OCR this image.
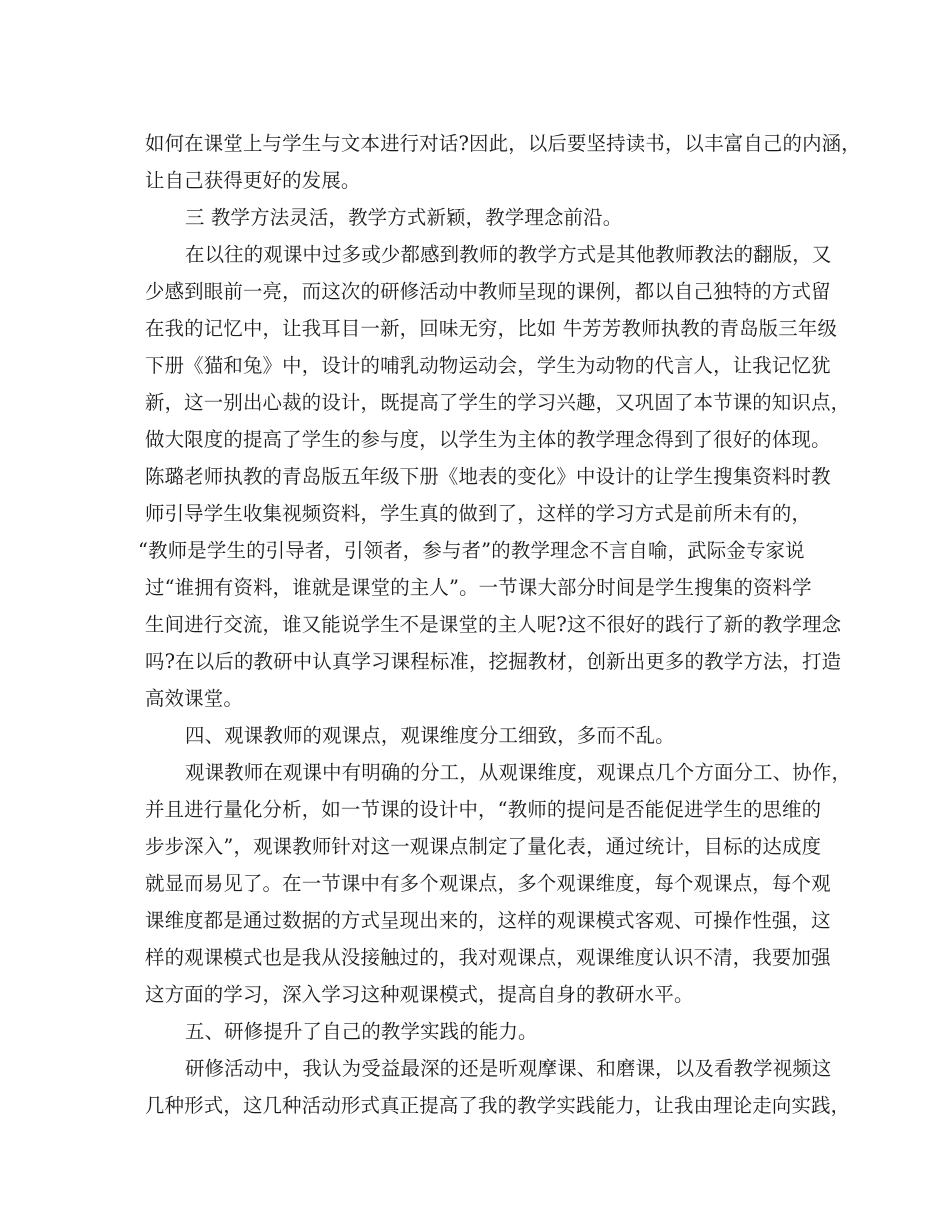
如何在课堂上与学生与文本进行对话?因此，以后要坚持读书，以丰富自己的内涵，
让自己获得更好的发展。
三 教学方法灵活，教学方式新颖，教学理念前沿。
在以往的观课中过多或少都感到教师的教学方式是其他教师教法的翻版，又
少感到眼前一亮，而这次的研修活动中教师呈现的课例，都以自己独特的方式留
在我的记忆中，让我耳目一新，回味无穷，比如 牛芳芳教师执教的青岛版三年级
下册《猫和兔》中，设计的哺乳动物运动会，学生为动物的代言人，让我记忆犹
新，这一别出心裁的设计，既提高了学生的学习兴趣，又巩固了本节课的知识点，
做大限度的提高了学生的参与度，以学生为主体的教学理念得到了很好的体现。
陈璐老师执教的青岛版五年级下册《地表的变化》中设计的让学生搜集资料时教
师引导学生收集视频资料，学生真的做到了，这样的学习方式是前所未有的，
“教师是学生的引导者，引领者，参与者”的教学理念不言自喻，武际金专家说
过“谁拥有资料，谁就是课堂的主人”。一节课大部分时间是学生搜集的资料学
生间进行交流，谁又能说学生不是课堂的主人呢?这不很好的践行了新的教学理念
吗?在以后的教研中认真学习课程标准，挖掘教材，创新出更多的教学方法，打造
高效课堂。
四、观课教师的观课点，观课维度分工细致，多而不乱。
观课教师在观课中有明确的分工，从观课维度，观课点几个方面分工、协作，
并且进行量化分析，如一节课的设计中，“教师的提问是否能促进学生的思维的
步步深入”，观课教师针对这一观课点制定了量化表，通过统计，目标的达成度
就显而易见了。在一节课中有多个观课点，多个观课维度，每个观课点，每个观
课维度都是通过数据的方式呈现出来的，这样的观课模式客观、可操作性强，这
样的观课模式也是我从没接触过的，我对观课点，观课维度认识不清，我要加强
这方面的学习，深入学习这种观课模式，提高自身的教研水平。
五、研修提升了自己的教学实践的能力。
研修活动中，我认为受益最深的还是听观摩课、和磨课，以及看教学视频这
几种形式，这几种活动形式真正提高了我的教学实践能力，让我由理论走向实践，
